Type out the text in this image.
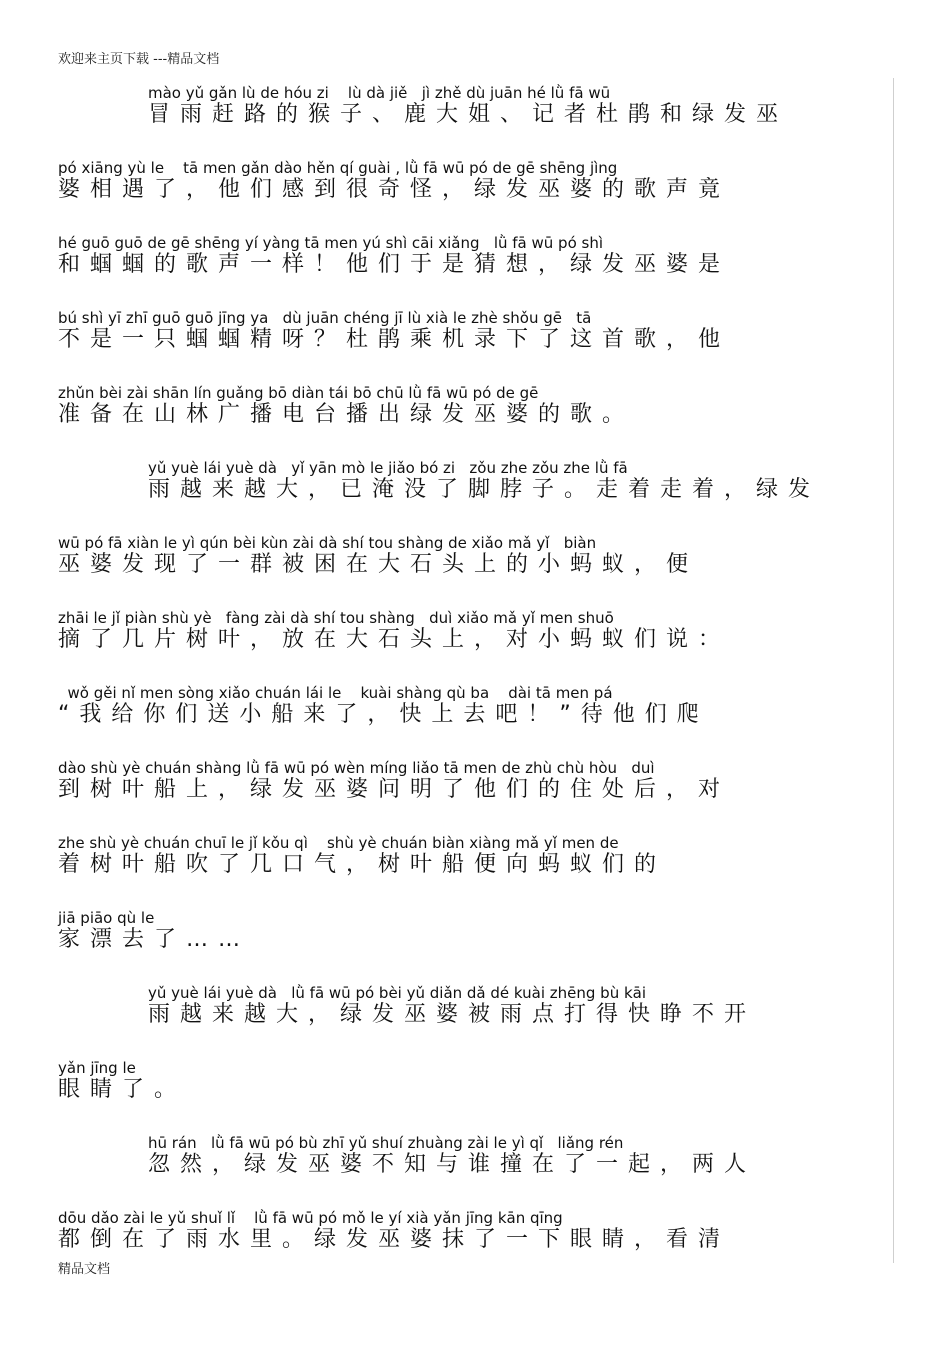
欢迎来主页下载 ---精品文档
mào yǔ gǎn lù de hóu zi    lù dà jiě   jì zhě dù juān hé lǜ fā wū
冒雨赶路的猴子、鹿大姐、记者杜鹃和绿发巫
pó xiāng yù le    tā men gǎn dào hěn qí guài , lǜ fā wū pó de gē shēng jìng
婆相遇了，他们感到很奇怪，绿发巫婆的歌声竟
hé guō guō de gē shēng yí yàng tā men yú shì cāi xiǎng   lǜ fā wū pó shì
和蝈蝈的歌声一样！他们于是猜想，绿发巫婆是
bú shì yī zhī guō guō jīng ya   dù juān chéng jī lù xià le zhè shǒu gē   tā
不是一只蝈蝈精呀？杜鹃乘机录下了这首歌，他
zhǔn bèi zài shān lín guǎng bō diàn tái bō chū lǜ fā wū pó de gē
准备在山林广播电台播出绿发巫婆的歌。
yǔ yuè lái yuè dà   yǐ yān mò le jiǎo bó zi   zǒu zhe zǒu zhe lǜ fā
雨越来越大，已淹没了脚脖子。走着走着，绿发
wū pó fā xiàn le yì qún bèi kùn zài dà shí tou shàng de xiǎo mǎ yǐ   biàn
巫婆发现了一群被困在大石头上的小蚂蚁，便
zhāi le jǐ piàn shù yè   fàng zài dà shí tou shàng   duì xiǎo mǎ yǐ men shuō
摘了几片树叶，放在大石头上，对小蚂蚁们说：
wǒ gěi nǐ men sòng xiǎo chuán lái le    kuài shàng qù ba    dài tā men pá
“我给你们送小船来了，快上去吧！”待他们爬
dào shù yè chuán shàng lǜ fā wū pó wèn míng liǎo tā men de zhù chù hòu   duì
到树叶船上，绿发巫婆问明了他们的住处后，对
zhe shù yè chuán chuī le jǐ kǒu qì    shù yè chuán biàn xiàng mǎ yǐ men de
着树叶船吹了几口气，树叶船便向蚂蚁们的
jiā piāo qù le
家漂去了……
yǔ yuè lái yuè dà   lǜ fā wū pó bèi yǔ diǎn dǎ dé kuài zhēng bù kāi
雨越来越大，绿发巫婆被雨点打得快睁不开
yǎn jīng le
眼睛了。
hū rán   lǜ fā wū pó bù zhī yǔ shuí zhuàng zài le yì qǐ   liǎng rén
忽然，绿发巫婆不知与谁撞在了一起，两人
dōu dǎo zài le yǔ shuǐ lǐ    lǜ fā wū pó mǒ le yí xià yǎn jīng kān qīng
都倒在了雨水里。绿发巫婆抹了一下眼睛，看清
精品文档
